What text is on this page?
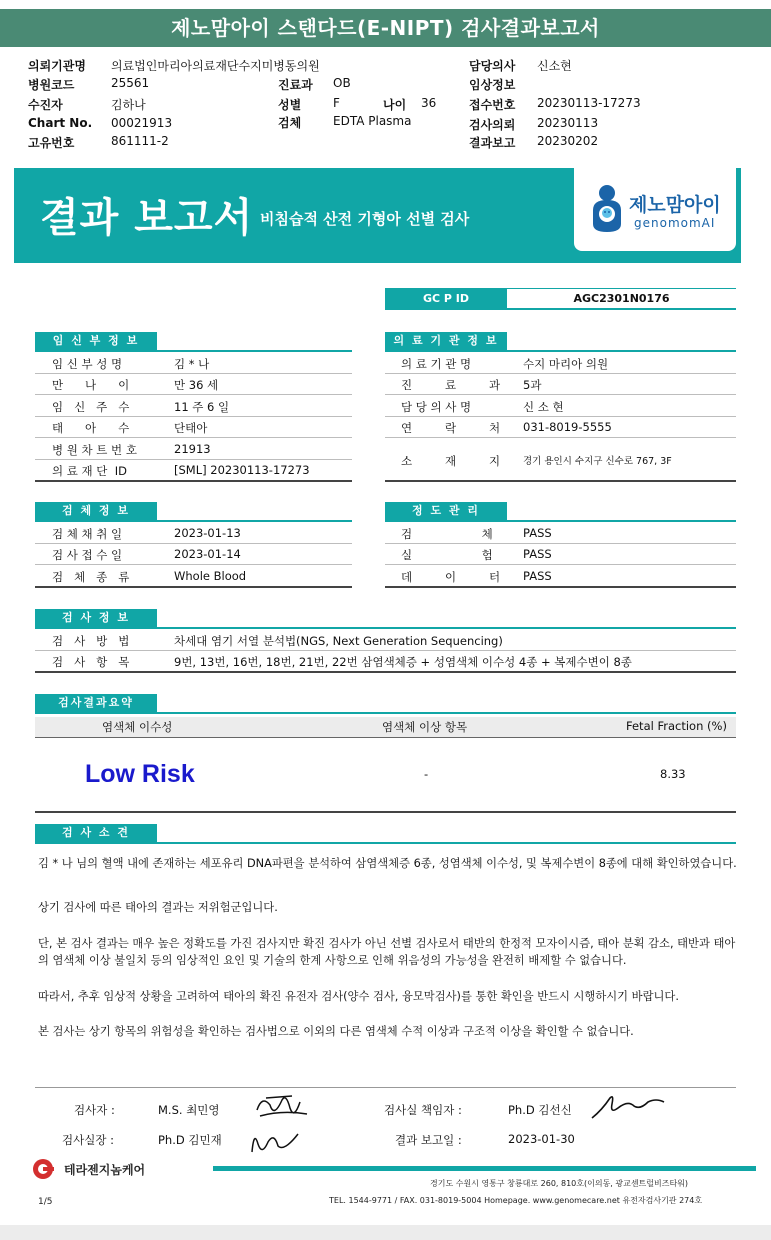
제노맘아이 스탠다드(E-NIPT) 검사결과보고서
의뢰기관명 의료법인마리아의료재단수지미병동의원
병원코드	25561
수진자	김하나
Chart No. 00021913
고유번호	861111-2
진료과 OB
성별	F	나이 36
검체	EDTA Plasma
담당의사 신소현
임상정보
접수번호 20230113-17273
검사의뢰 20230113
결과보고 20230202
결과 보고서 비침습적 산전 기형아 선별 검사
제노맘아이
genomomAI
GC P ID	AGC2301N0176
임 신 부 정 보
임 신 부 성 명	김 * 나
만      나      이	만 36 세
임   신   주   수	11 주 6 일
태      아      수	단태아
병 원 차 트 번 호	21913
의 료 재 단  ID	[SML] 20230113-17273
의 료 기 관 정 보
의 료 기 관 명	수지 마리아 의원
진         료         과 5과
담 당 의 사 명	신 소 현
연         락         처 031-8019-5555
소         재         지 경기 용인시 수지구 신수로 767, 3F
검 체 정 보
검 체 채 취 일	2023-01-13
검 사 접 수 일	2023-01-14
검   체   종   류	Whole Blood
정 도 관 리
검                   체	PASS
실                   험	PASS
데         이         터 PASS
검 사 정 보
검   사   방   법	차세대 염기 서열 분석법(NGS, Next Generation Sequencing)
검   사   항   목	9번, 13번, 16번, 18번, 21번, 22번 삼염색체증 + 성염색체 이수성 4종 + 복제수변이 8종
검사결과요약
염색체 이수성	염색체 이상 항목	Fetal Fraction (%)
Low Risk	-	8.33
검 사 소 견
김 * 나 님의 혈액 내에 존재하는 세포유리 DNA파편을 분석하여 삼염색체증 6종, 성염색체 이수성, 및 복제수변이 8종에 대해 확인하였습니다.
상기 검사에 따른 태아의 결과는 저위험군입니다.
단, 본 검사 결과는 매우 높은 정확도를 가진 검사지만 확진 검사가 아닌 선별 검사로서 태반의 한정적 모자이시즘, 태아 분획 감소, 태반과 태아의 염색체 이상 불일치 등의 임상적인 요인 및 기술의 한계 사항으로 인해 위음성의 가능성을 완전히 배제할 수 없습니다.
따라서, 추후 임상적 상황을 고려하여 태아의 확진 유전자 검사(양수 검사, 융모막검사)를 통한 확인을 반드시 시행하시기 바랍니다.
본 검사는 상기 항목의 위험성을 확인하는 검사법으로 이외의 다른 염색체 수적 이상과 구조적 이상을 확인할 수 없습니다.
검사자 :	M.S. 최민영
검사실장 :	Ph.D 김민재
검사실 책임자 :	Ph.D 김선신
결과 보고일 :	2023-01-30
테라젠지놈케어
경기도 수원시 영통구 창룡대로 260, 810호(이의동, 광교센트럴비즈타워)
TEL. 1544-9771 / FAX. 031-8019-5004 Homepage. www.genomecare.net 유전자검사기관 274호
1/5
